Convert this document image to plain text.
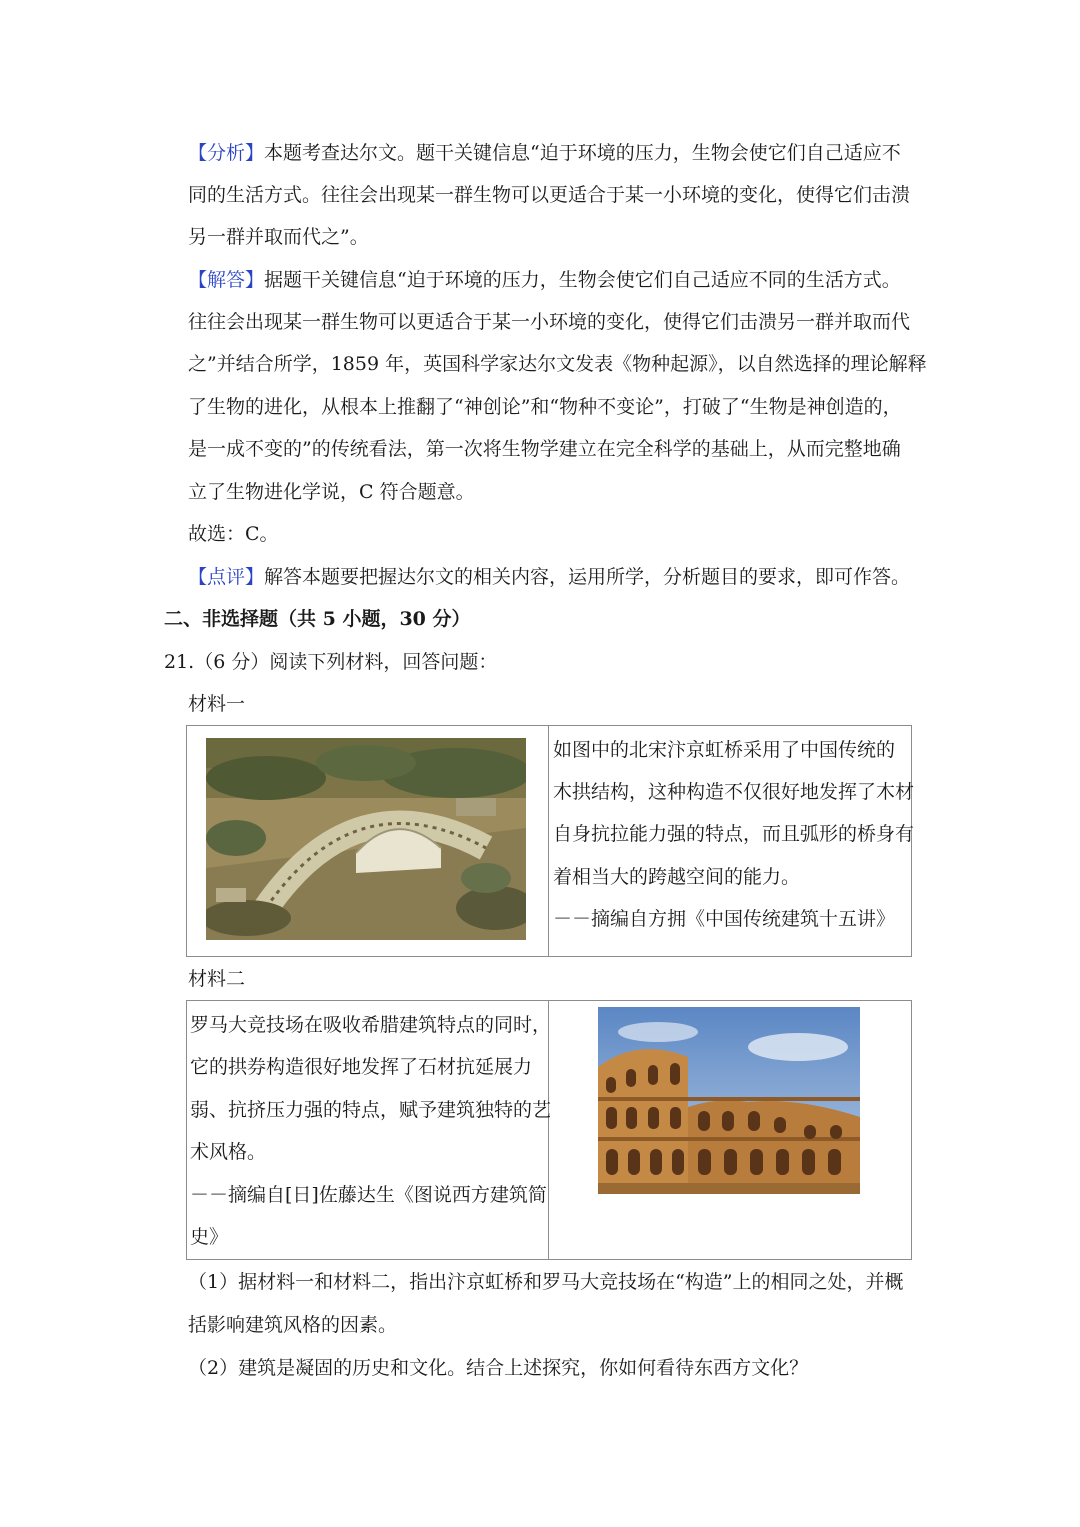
【分析】本题考查达尔文。题干关键信息“迫于环境的压力，生物会使它们自己适应不
同的生活方式。往往会出现某一群生物可以更适合于某一小环境的变化，使得它们击溃
另一群并取而代之”。
【解答】据题干关键信息“迫于环境的压力，生物会使它们自己适应不同的生活方式。
往往会出现某一群生物可以更适合于某一小环境的变化，使得它们击溃另一群并取而代
之”并结合所学，1859 年，英国科学家达尔文发表《物种起源》，以自然选择的理论解释
了生物的进化，从根本上推翻了“神创论”和“物种不变论”，打破了“生物是神创造的，
是一成不变的”的传统看法，第一次将生物学建立在完全科学的基础上，从而完整地确
立了生物进化学说，C 符合题意。
故选：C。
【点评】解答本题要把握达尔文的相关内容，运用所学，分析题目的要求，即可作答。
二、非选择题（共 5 小题，30 分）
21.（6 分）阅读下列材料，回答问题：
材料一
如图中的北宋汴京虹桥采用了中国传统的
木拱结构，这种构造不仅很好地发挥了木材
自身抗拉能力强的特点，而且弧形的桥身有
着相当大的跨越空间的能力。
－－摘编自方拥《中国传统建筑十五讲》
材料二
罗马大竞技场在吸收希腊建筑特点的同时，
它的拱券构造很好地发挥了石材抗延展力
弱、抗挤压力强的特点，赋予建筑独特的艺
术风格。
－－摘编自[日]佐藤达生《图说西方建筑简
史》
（1）据材料一和材料二，指出汴京虹桥和罗马大竞技场在“构造”上的相同之处，并概
括影响建筑风格的因素。
（2）建筑是凝固的历史和文化。结合上述探究，你如何看待东西方文化？
